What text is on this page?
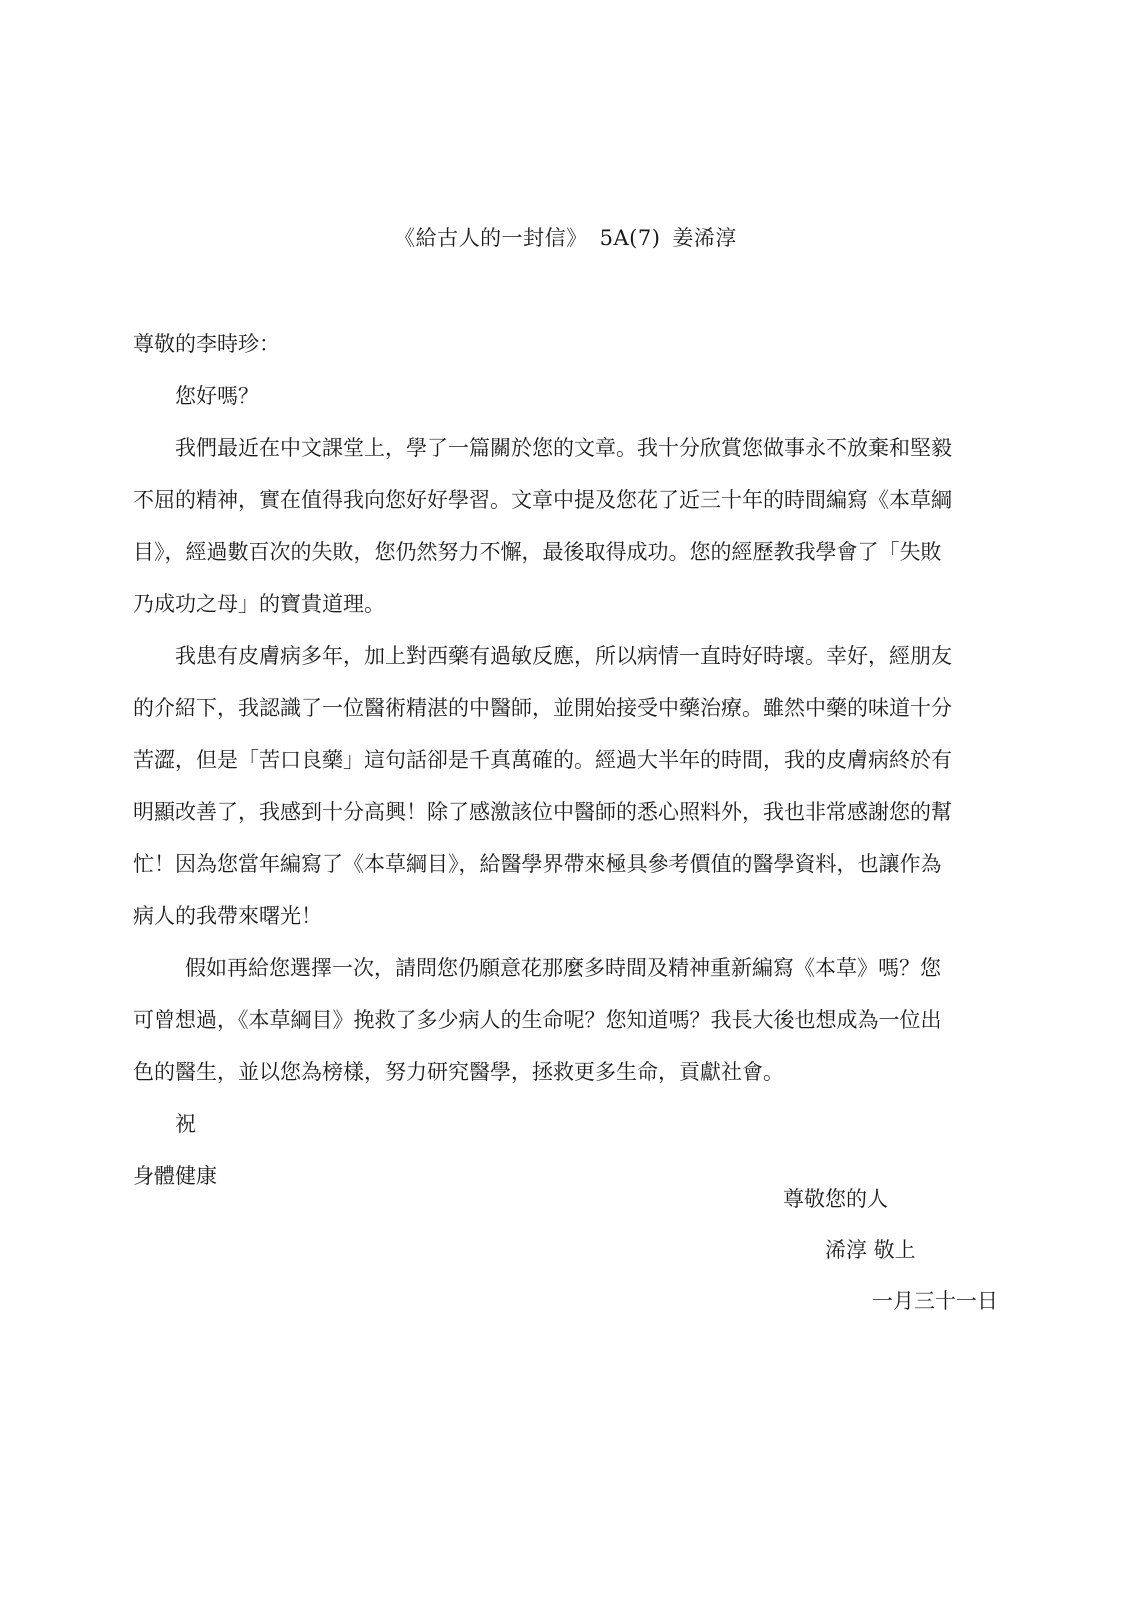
《給古人的一封信》 5A(7) 姜浠淳
尊敬的李時珍：
您好嗎？
我們最近在中文課堂上，學了一篇關於您的文章。我十分欣賞您做事永不放棄和堅毅
不屈的精神，實在值得我向您好好學習。文章中提及您花了近三十年的時間編寫《本草綱
目》，經過數百次的失敗，您仍然努力不懈，最後取得成功。您的經歷教我學會了「失敗
乃成功之母」的寶貴道理。
我患有皮膚病多年，加上對西藥有過敏反應，所以病情一直時好時壞。幸好，經朋友
的介紹下，我認識了一位醫術精湛的中醫師，並開始接受中藥治療。雖然中藥的味道十分
苦澀，但是「苦口良藥」這句話卻是千真萬確的。經過大半年的時間，我的皮膚病終於有
明顯改善了，我感到十分高興！除了感激該位中醫師的悉心照料外，我也非常感謝您的幫
忙！因為您當年編寫了《本草綱目》，給醫學界帶來極具參考價值的醫學資料，也讓作為
病人的我帶來曙光！
假如再給您選擇一次，請問您仍願意花那麼多時間及精神重新編寫《本草》嗎？您
可曾想過，《本草綱目》挽救了多少病人的生命呢？您知道嗎？我長大後也想成為一位出
色的醫生，並以您為榜樣，努力研究醫學，拯救更多生命，貢獻社會。
祝
身體健康
尊敬您的人
浠淳 敬上
一月三十一日
